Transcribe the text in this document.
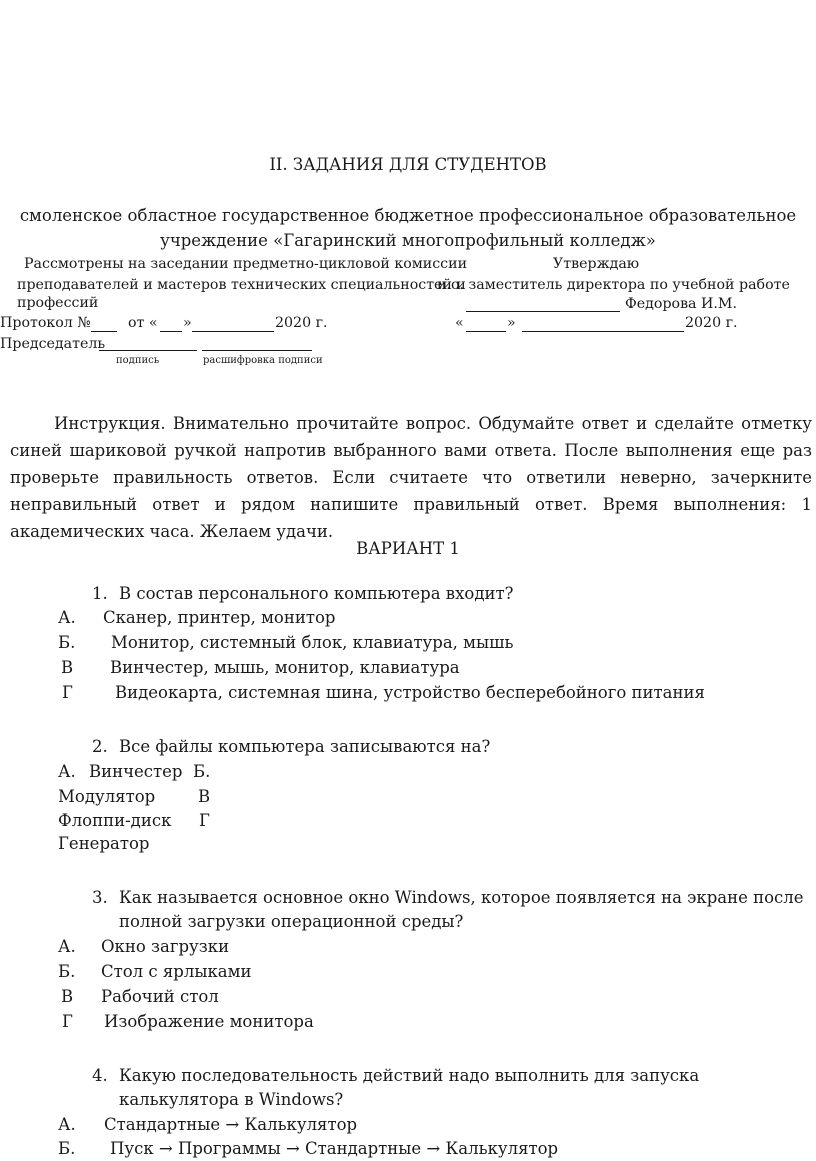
II. ЗАДАНИЯ ДЛЯ СТУДЕНТОВ
смоленское областное государственное бюджетное профессиональное образовательное
учреждение «Гагаринский многопрофильный колледж»
Рассмотрены на заседании предметно-цикловой комиссии
преподавателей и мастеров технических специальностей и
профессий
Протокол №	от « »	2020 г.
Председатель
подпись	расшифровка подписи
Утверждаю
и.о. заместитель директора по учебной работе
Федорова И.М.
«	»	2020 г.
Инструкция. Внимательно прочитайте вопрос. Обдумайте ответ и сделайте отметку синей шариковой ручкой напротив выбранного вами ответа. После выполнения еще раз проверьте правильность ответов. Если считаете что ответили неверно, зачеркните неправильный ответ и рядом напишите правильный ответ. Время выполнения: 1 академических часа. Желаем удачи.
ВАРИАНТ 1
1. В состав персонального компьютера входит?
А. Сканер, принтер, монитор
Б. Монитор, системный блок, клавиатура, мышь
В Винчестер, мышь, монитор, клавиатура
Г	Видеокарта, системная шина, устройство бесперебойного питания
2. Все файлы компьютера записываются на?
А. Винчестер Б.
Модулятор	В
Флоппи-диск Г
Генератор
3. Как называется основное окно Windows, которое появляется на экране после
полной загрузки операционной среды?
А. Окно загрузки
Б. Стол с ярлыками
В Рабочий стол
Г Изображение монитора
4. Какую последовательность действий надо выполнить для запуска
калькулятора в Windows?
А. Стандартные → Калькулятор
Б. Пуск → Программы → Стандартные → Калькулятор
